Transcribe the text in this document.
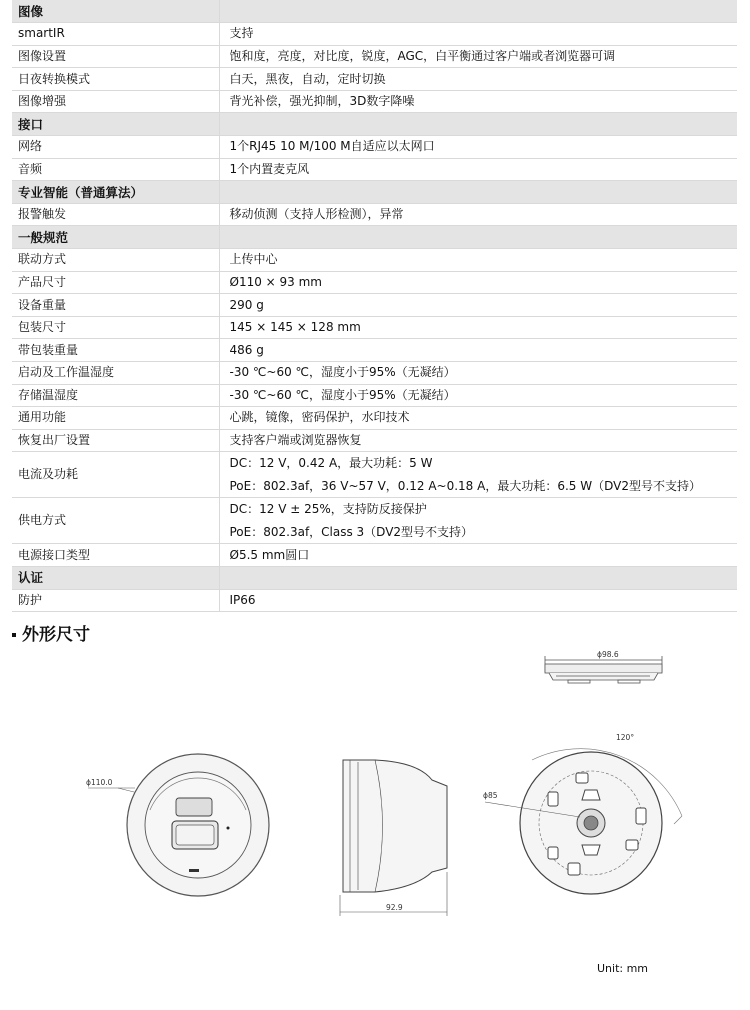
图像	
smartIR	支持

图像设置	饱和度，亮度，对比度，锐度，AGC，白平衡通过客户端或者浏览器可调

日夜转换模式	白天，黑夜，自动，定时切换

图像增强	背光补偿，强光抑制，3D数字降噪

接口	
网络	1个RJ45 10 M/100 M自适应以太网口

音频	1个内置麦克风

专业智能（普通算法）	
报警触发	移动侦测（支持人形检测），异常

一般规范	
联动方式	上传中心

产品尺寸	Ø110 × 93 mm

设备重量	290 g

包装尺寸	145 × 145 × 128 mm

带包装重量	486 g

启动及工作温湿度	-30 ℃~60 ℃，湿度小于95%（无凝结）

存储温湿度	-30 ℃~60 ℃，湿度小于95%（无凝结）

通用功能	心跳，镜像，密码保护，水印技术

恢复出厂设置	支持客户端或浏览器恢复

电流及功耗	DC：12 V，0.42 A，最大功耗：5 W
PoE：802.3af，36 V~57 V，0.12 A~0.18 A，最大功耗：6.5 W（DV2型号不支持）

供电方式	DC：12 V ± 25%，支持防反接保护
PoE：802.3af，Class 3（DV2型号不支持）

电源接口类型	Ø5.5 mm圆口

认证	
防护	IP66
外形尺寸
ϕ98.6
ϕ110.0
92.9
120°
ϕ85
Unit: mm
